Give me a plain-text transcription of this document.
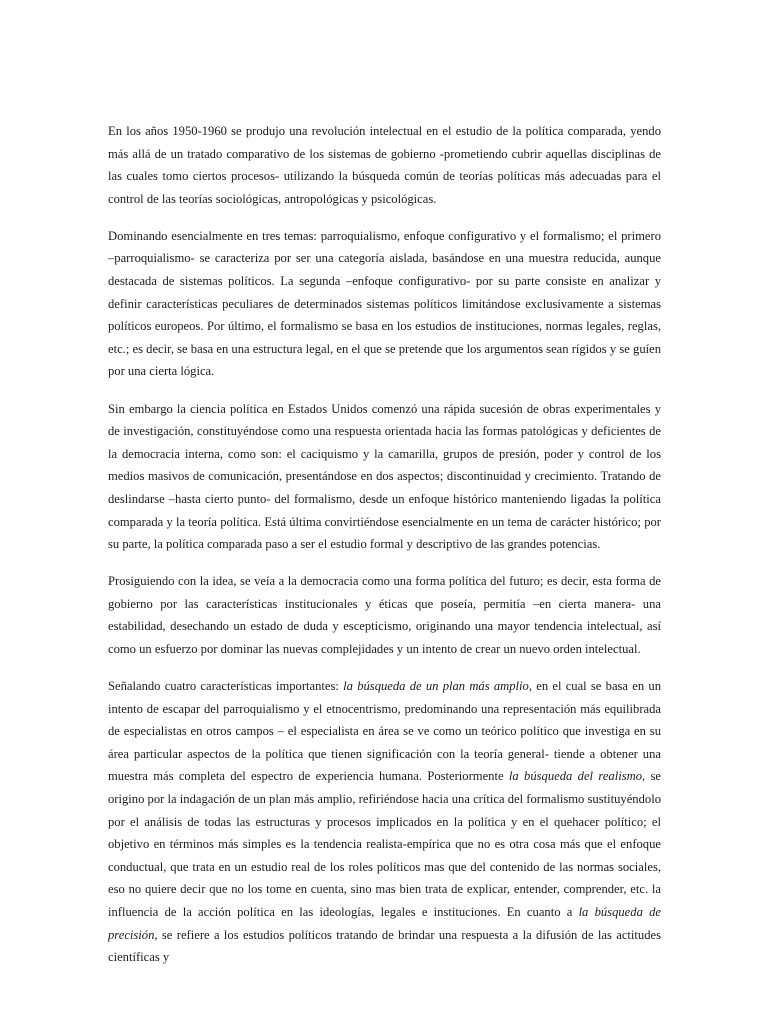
En los años 1950-1960 se produjo una revolución intelectual en el estudio de la política comparada, yendo más allá de un tratado comparativo de los sistemas de gobierno -prometiendo cubrir aquellas disciplinas de las cuales tomo ciertos procesos- utilizando la búsqueda común de teorías políticas más adecuadas para el control de las teorías sociológicas, antropológicas y psicológicas.

Dominando esencialmente en tres temas: parroquialismo, enfoque configurativo y el formalismo; el primero –parroquialismo- se caracteriza por ser una categoría aislada, basándose en una muestra reducida, aunque destacada de sistemas políticos. La segunda –enfoque configurativo- por su parte consiste en analizar y definir características peculiares de determinados sistemas políticos limitándose exclusivamente a sistemas políticos europeos. Por último, el formalismo se basa en los estudios de instituciones, normas legales, reglas, etc.; es decir, se basa en una estructura legal, en el que se pretende que los argumentos sean rígidos y se guíen por una cierta lógica.

Sin embargo la ciencia política en Estados Unidos comenzó una rápida sucesión de obras experimentales y de investigación, constituyéndose como una respuesta orientada hacia las formas patológicas y deficientes de la democracia interna, como son: el caciquismo y la camarilla, grupos de presión, poder y control de los medios masivos de comunicación, presentándose en dos aspectos; discontinuidad y crecimiento. Tratando de deslindarse –hasta cierto punto- del formalismo, desde un enfoque histórico manteniendo ligadas la política comparada y la teoría política. Está última convirtiéndose esencialmente en un tema de carácter histórico; por su parte, la política comparada paso a ser el estudio formal y descriptivo de las grandes potencias.

Prosiguiendo con la idea, se veía a la democracia como una forma política del futuro; es decir, esta forma de gobierno por las características institucionales y éticas que poseía, permitía –en cierta manera- una estabilidad, desechando un estado de duda y escepticismo, originando una mayor tendencia intelectual, así como un esfuerzo por dominar las nuevas complejidades y un intento de crear un nuevo orden intelectual.

Señalando cuatro características importantes: la búsqueda de un plan más amplio, en el cual se basa en un intento de escapar del parroquialismo y el etnocentrismo, predominando una representación más equilibrada de especialistas en otros campos – el especialista en área se ve como un teórico político que investiga en su área particular aspectos de la política que tienen significación con la teoría general- tiende a obtener una muestra más completa del espectro de experiencia humana. Posteriormente la búsqueda del realismo, se origino por la indagación de un plan más amplio, refiriéndose hacia una crítica del formalismo sustituyéndolo por el análisis de todas las estructuras y procesos implicados en la política y en el quehacer político; el objetivo en términos más simples es la tendencia realista-empírica que no es otra cosa más que el enfoque conductual, que trata en un estudio real de los roles políticos mas que del contenido de las normas sociales, eso no quiere decir que no los tome en cuenta, sino mas bien trata de explicar, entender, comprender, etc. la influencia de la acción política en las ideologías, legales e instituciones. En cuanto a la búsqueda de precisión, se refiere a los estudios políticos tratando de brindar una respuesta a la difusión de las actitudes científicas y
